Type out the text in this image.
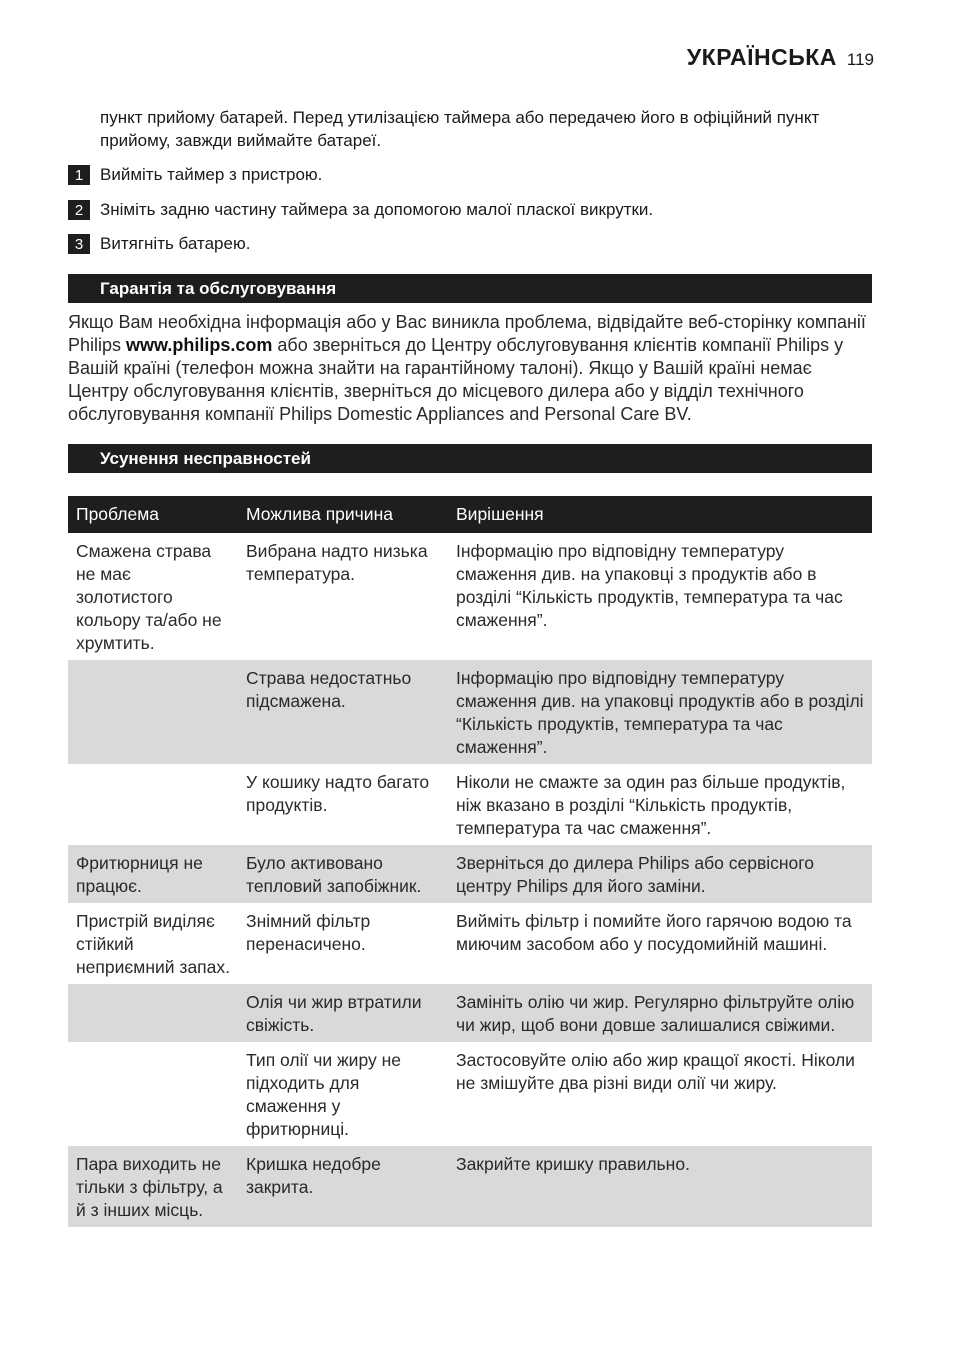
УКРАЇНСЬКА 119
пункт прийому батарей. Перед утилізацією таймера або передачею його в офіційний пункт прийому, завжди виймайте батареї.
1 Вийміть таймер з пристрою.
2 Зніміть задню частину таймера за допомогою малої пласкої викрутки.
3 Витягніть батарею.
Гарантія та обслуговування
Якщо Вам необхідна інформація або у Вас виникла проблема, відвідайте веб-сторінку компанії Philips www.philips.com або зверніться до Центру обслуговування клієнтів компанії Philips у Вашій країні (телефон можна знайти на гарантійному талоні). Якщо у Вашій країні немає Центру обслуговування клієнтів, зверніться до місцевого дилера або у відділ технічного обслуговування компанії Philips Domestic Appliances and Personal Care BV.
Усунення несправностей
Проблема	Можлива причина	Вирішення
Смажена страва не має золотистого кольору та/або не хрумтить.	Вибрана надто низька температура.	Інформацію про відповідну температуру смаження див. на упаковці з продуктів або в розділі “Кількість продуктів, температура та час смаження”.
	Страва недостатньо підсмажена.	Інформацію про відповідну температуру смаження див. на упаковці продуктів або в розділі “Кількість продуктів, температура та час смаження”.
	У кошику надто багато продуктів.	Ніколи не смажте за один раз більше продуктів, ніж вказано в розділі “Кількість продуктів, температура та час смаження”.
Фритюрниця не працює.	Було активовано тепловий запобіжник.	Зверніться до дилера Philips або сервісного центру Philips для його заміни.
Пристрій виділяє стійкий неприємний запах.	Знімний фільтр перенасичено.	Вийміть фільтр і помийте його гарячою водою та миючим засобом або у посудомийній машині.
	Олія чи жир втратили свіжість.	Замініть олію чи жир. Регулярно фільтруйте олію чи жир, щоб вони довше залишалися свіжими.
	Тип олії чи жиру не підходить для смаження у фритюрниці.	Застосовуйте олію або жир кращої якості. Ніколи не змішуйте два різні види олії чи жиру.
Пара виходить не тільки з фільтру, а й з інших місць.	Кришка недобре закрита.	Закрийте кришку правильно.
